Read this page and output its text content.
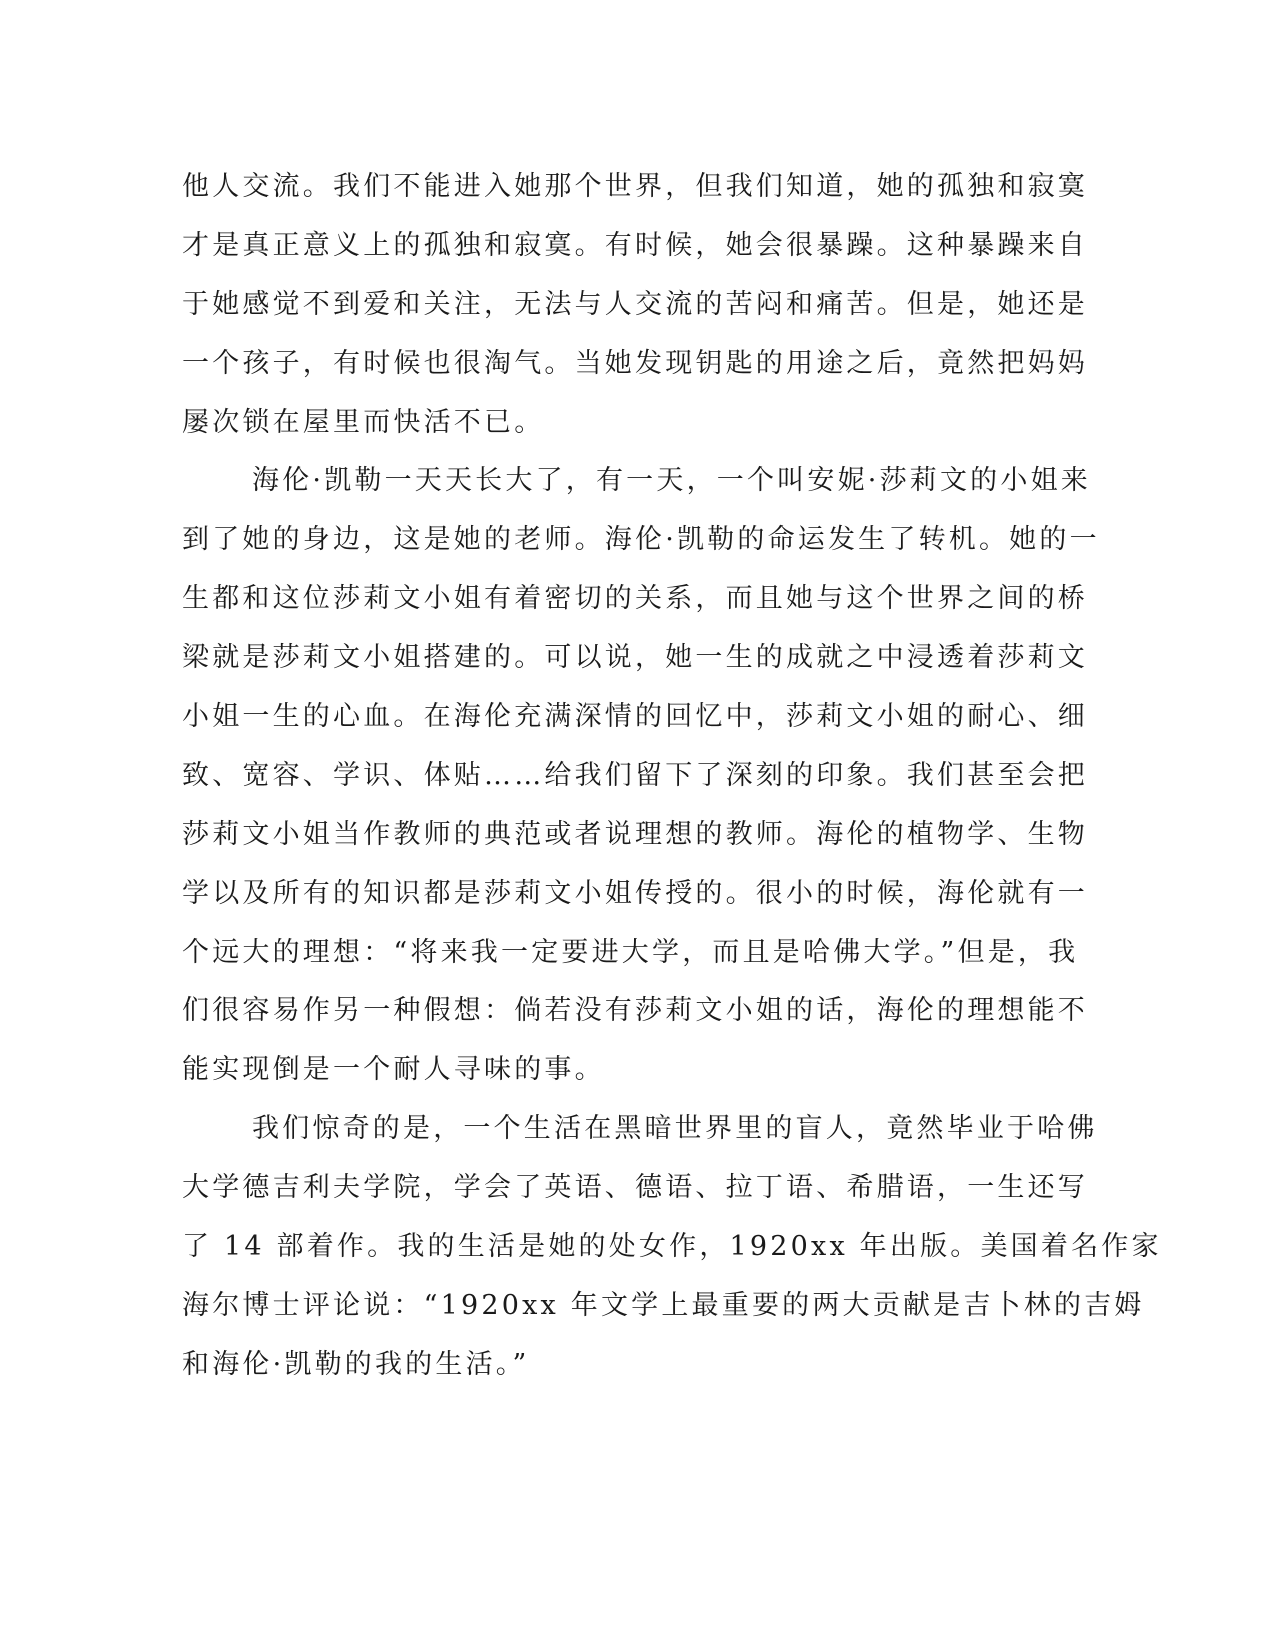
他人交流。我们不能进入她那个世界，但我们知道，她的孤独和寂寞
才是真正意义上的孤独和寂寞。有时候，她会很暴躁。这种暴躁来自
于她感觉不到爱和关注，无法与人交流的苦闷和痛苦。但是，她还是
一个孩子，有时候也很淘气。当她发现钥匙的用途之后，竟然把妈妈
屡次锁在屋里而快活不已。
海伦·凯勒一天天长大了，有一天，一个叫安妮·莎莉文的小姐来
到了她的身边，这是她的老师。海伦·凯勒的命运发生了转机。她的一
生都和这位莎莉文小姐有着密切的关系，而且她与这个世界之间的桥
梁就是莎莉文小姐搭建的。可以说，她一生的成就之中浸透着莎莉文
小姐一生的心血。在海伦充满深情的回忆中，莎莉文小姐的耐心、细
致、宽容、学识、体贴……给我们留下了深刻的印象。我们甚至会把
莎莉文小姐当作教师的典范或者说理想的教师。海伦的植物学、生物
学以及所有的知识都是莎莉文小姐传授的。很小的时候，海伦就有一
个远大的理想：“将来我一定要进大学，而且是哈佛大学。”但是，我
们很容易作另一种假想：倘若没有莎莉文小姐的话，海伦的理想能不
能实现倒是一个耐人寻味的事。
我们惊奇的是，一个生活在黑暗世界里的盲人，竟然毕业于哈佛
大学德吉利夫学院，学会了英语、德语、拉丁语、希腊语，一生还写
了 14 部着作。我的生活是她的处女作，1920xx 年出版。美国着名作家
海尔博士评论说：“1920xx 年文学上最重要的两大贡献是吉卜林的吉姆
和海伦·凯勒的我的生活。”
